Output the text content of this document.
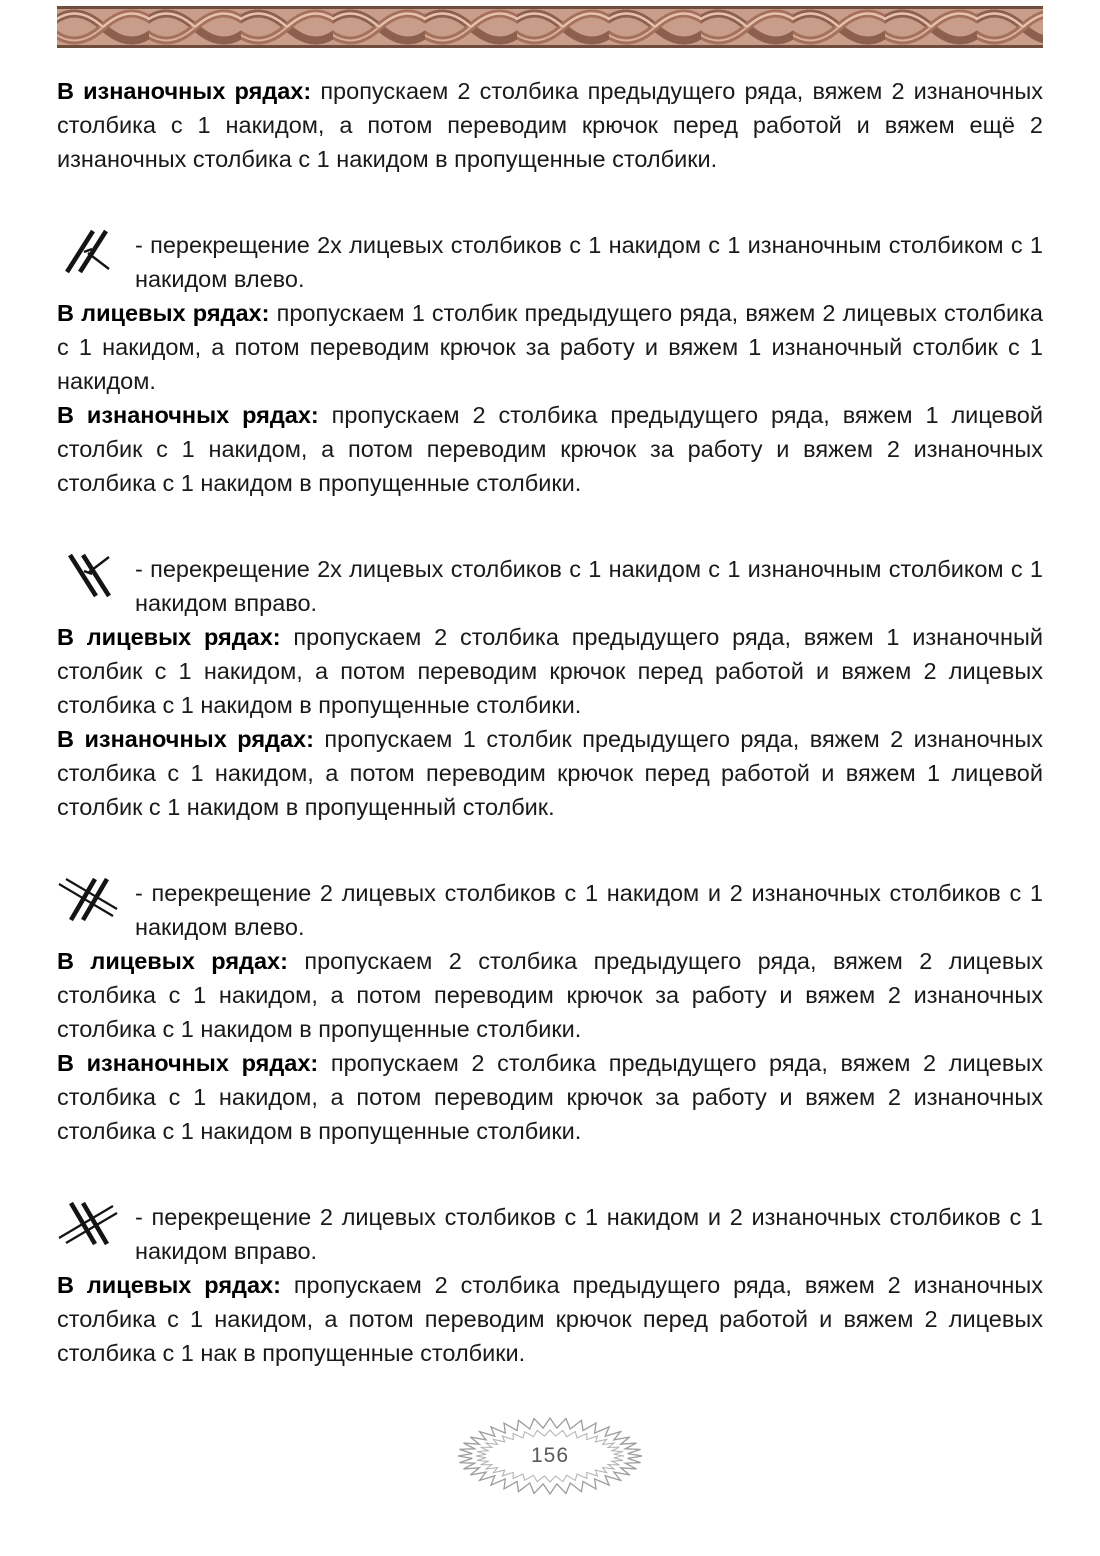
В изнаночных рядах: пропускаем 2 столбика предыдущего ряда, вяжем 2 изнаночных столбика с 1 накидом, а потом переводим крючок перед работой и вяжем ещё 2 изнаночных столбика с 1 накидом в пропущенные столбики.

- перекрещение 2х лицевых столбиков с 1 накидом с 1 изнаночным столбиком с 1 накидом влево.

В лицевых рядах: пропускаем 1 столбик предыдущего ряда, вяжем 2 лицевых столбика с 1 накидом, а потом переводим крючок за работу и вяжем 1 изнаночный столбик с 1 накидом.

В изнаночных рядах: пропускаем 2 столбика предыдущего ряда, вяжем 1 лицевой столбик с 1 накидом, а потом переводим крючок за работу и вяжем 2 изнаночных столбика с 1 накидом в пропущенные столбики.

- перекрещение 2х лицевых столбиков с 1 накидом с 1 изнаночным столбиком с 1 накидом вправо.

В лицевых рядах: пропускаем 2 столбика предыдущего ряда, вяжем 1 изнаночный столбик с 1 накидом, а потом переводим крючок перед работой и вяжем 2 лицевых столбика с 1 накидом в пропущенные столбики.

В изнаночных рядах: пропускаем 1 столбик предыдущего ряда, вяжем 2 изнаночных столбика с 1 накидом, а потом переводим крючок перед работой и вяжем 1 лицевой столбик с 1 накидом в пропущенный столбик.

- перекрещение 2 лицевых столбиков с 1 накидом и 2 изнаночных столбиков с 1 накидом влево.

В лицевых рядах: пропускаем 2 столбика предыдущего ряда, вяжем 2 лицевых столбика с 1 накидом, а потом переводим крючок за работу и вяжем 2 изнаночных столбика с 1 накидом в пропущенные столбики.

В изнаночных рядах: пропускаем 2 столбика предыдущего ряда, вяжем 2 лицевых столбика с 1 накидом, а потом переводим крючок за работу и вяжем 2 изнаночных столбика с 1 накидом в пропущенные столбики.

- перекрещение 2 лицевых столбиков с 1 накидом и 2 изнаночных столбиков с 1 накидом вправо.

В лицевых рядах: пропускаем 2 столбика предыдущего ряда, вяжем 2 изнаночных столбика с 1 накидом, а потом переводим крючок перед работой и вяжем 2 лицевых столбика с 1 нак в пропущенные столбики.

156
